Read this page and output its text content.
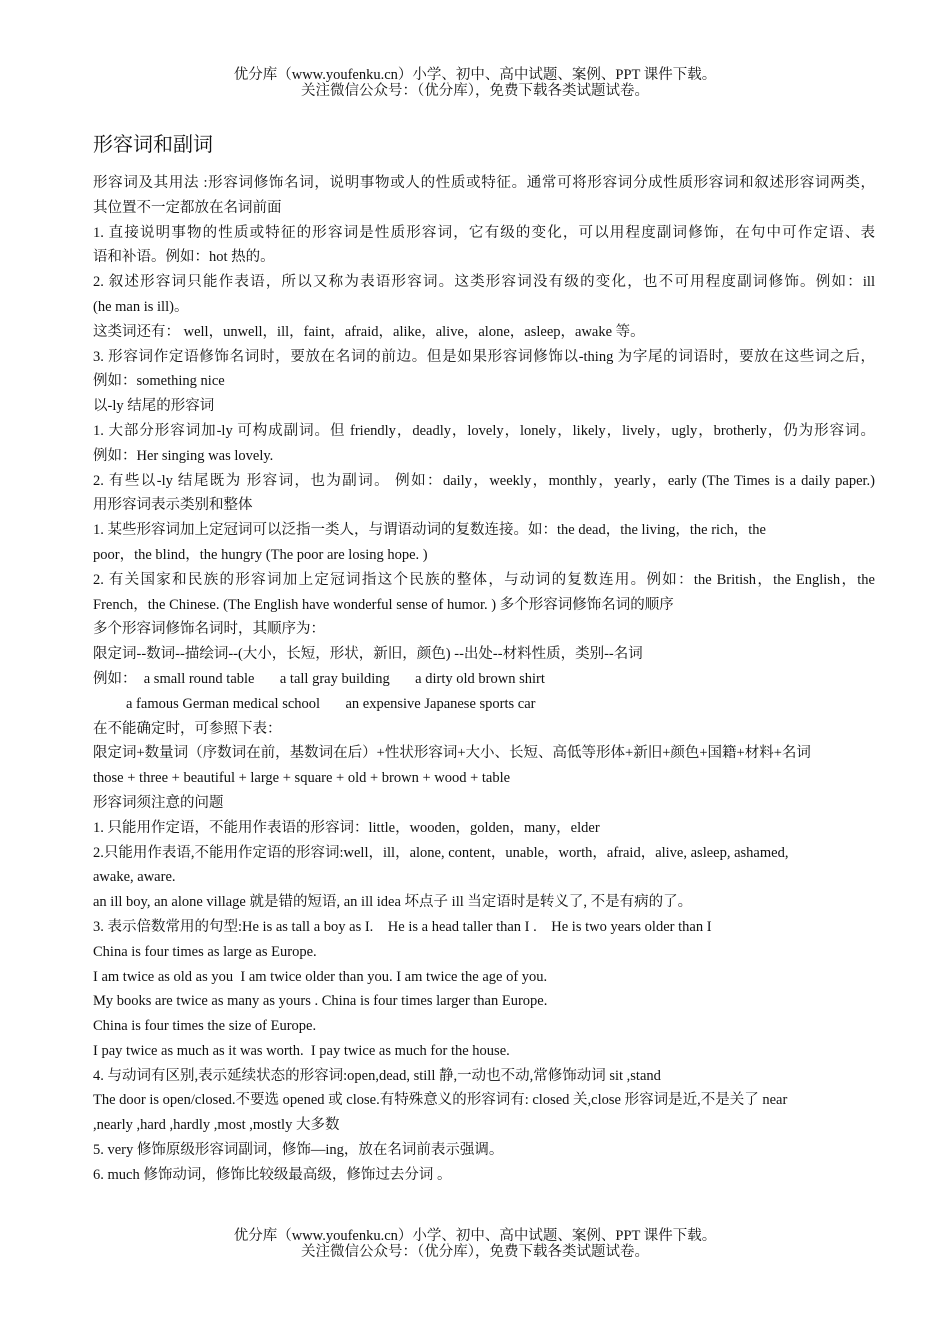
优分库（www.youfenku.cn）小学、初中、高中试题、案例、PPT 课件下载。
关注微信公众号：（优分库），免费下载各类试题试卷。
形容词和副词
形容词及其用法 :形容词修饰名词，说明事物或人的性质或特征。通常可将形容词分成性质形容词和叙述形容词两类，
其位置不一定都放在名词前面
1. 直接说明事物的性质或特征的形容词是性质形容词，它有级的变化，可以用程度副词修饰，在句中可作定语、表
语和补语。例如：hot 热的。
2. 叙述形容词只能作表语，所以又称为表语形容词。这类形容词没有级的变化，也不可用程度副词修饰。例如：ill
(he man is ill)。
这类词还有： well，unwell，ill，faint，afraid，alike，alive，alone，asleep，awake 等。
3. 形容词作定语修饰名词时，要放在名词的前边。但是如果形容词修饰以-thing 为字尾的词语时，要放在这些词之后，
例如：something nice
以-ly 结尾的形容词
1. 大部分形容词加-ly 可构成副词。但 friendly，deadly，lovely，lonely，likely，lively，ugly，brotherly，仍为形容词。
例如：Her singing was lovely.
2. 有些以-ly 结尾既为 形容词，也为副词。 例如：daily，weekly，monthly，yearly，early (The Times is a daily paper.)
用形容词表示类别和整体
1. 某些形容词加上定冠词可以泛指一类人，与谓语动词的复数连接。如：the dead，the living，the rich，the
poor，the blind，the hungry (The poor are losing hope. )
2. 有关国家和民族的形容词加上定冠词指这个民族的整体，与动词的复数连用。例如：the British，the English，the
French，the Chinese. (The English have wonderful sense of humor. ) 多个形容词修饰名词的顺序
多个形容词修饰名词时，其顺序为：
限定词--数词--描绘词--(大小，长短，形状，新旧，颜色) --出处--材料性质，类别--名词
例如：  a small round table       a tall gray building       a dirty old brown shirt
a famous German medical school       an expensive Japanese sports car
在不能确定时，可参照下表：
限定词+数量词（序数词在前，基数词在后）+性状形容词+大小、长短、高低等形体+新旧+颜色+国籍+材料+名词
those + three + beautiful + large + square + old + brown + wood + table
形容词须注意的问题
1. 只能用作定语，不能用作表语的形容词：little，wooden，golden，many，elder
2.只能用作表语,不能用作定语的形容词:well，ill，alone, content，unable，worth，afraid，alive, asleep, ashamed,
awake, aware.
an ill boy, an alone village 就是错的短语, an ill idea 坏点子 ill 当定语时是转义了, 不是有病的了。
3. 表示倍数常用的句型:He is as tall a boy as I.    He is a head taller than I .    He is two years older than I
China is four times as large as Europe.
I am twice as old as you  I am twice older than you. I am twice the age of you.
My books are twice as many as yours . China is four times larger than Europe.
China is four times the size of Europe.
I pay twice as much as it was worth.  I pay twice as much for the house.
4. 与动词有区别,表示延续状态的形容词:open,dead, still 静,一动也不动,常修饰动词 sit ,stand
The door is open/closed.不要选 opened 或 close.有特殊意义的形容词有: closed 关,close 形容词是近,不是关了 near
,nearly ,hard ,hardly ,most ,mostly 大多数
5. very 修饰原级形容词副词，修饰—ing，放在名词前表示强调。
6. much 修饰动词，修饰比较级最高级，修饰过去分词 。
优分库（www.youfenku.cn）小学、初中、高中试题、案例、PPT 课件下载。
关注微信公众号：（优分库），免费下载各类试题试卷。
